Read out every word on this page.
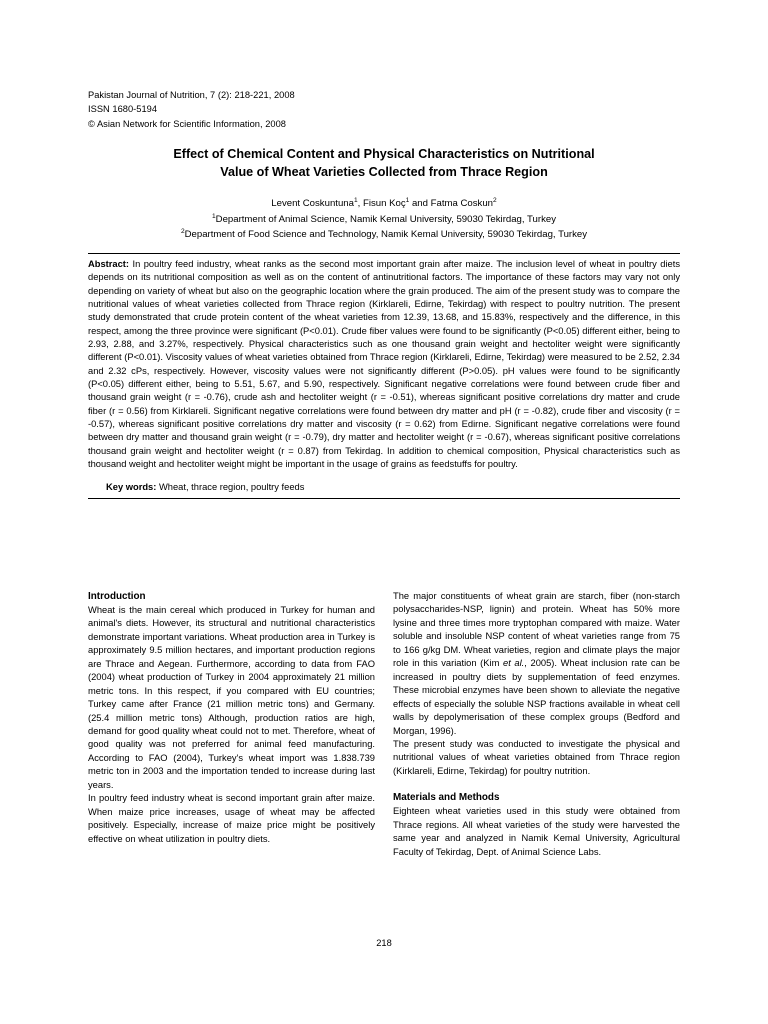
Pakistan Journal of Nutrition, 7 (2): 218-221, 2008
ISSN 1680-5194
© Asian Network for Scientific Information, 2008
Effect of Chemical Content and Physical Characteristics on Nutritional
Value of Wheat Varieties Collected from Thrace Region
Levent Coskuntuna$^1$, Fisun Koç$^1$ and Fatma Coskun$^2$
$^1$Department of Animal Science, Namik Kemal University, 59030 Tekirdag, Turkey
$^2$Department of Food Science and Technology, Namik Kemal University, 59030 Tekirdag, Turkey
Abstract: In poultry feed industry, wheat ranks as the second most important grain after maize. The inclusion level of wheat in poultry diets depends on its nutritional composition as well as on the content of antinutritional factors. The importance of these factors may vary not only depending on variety of wheat but also on the geographic location where the grain produced. The aim of the present study was to compare the nutritional values of wheat varieties collected from Thrace region (Kirklareli, Edirne, Tekirdag) with respect to poultry nutrition. The present study demonstrated that crude protein content of the wheat varieties from 12.39, 13.68, and 15.83%, respectively and the difference, in this respect, among the three province were significant (P<0.01). Crude fiber values were found to be significantly (P<0.05) different either, being to 2.93, 2.88, and 3.27%, respectively. Physical characteristics such as one thousand grain weight and hectoliter weight were significantly different (P<0.01). Viscosity values of wheat varieties obtained from Thrace region (Kirklareli, Edirne, Tekirdag) were measured to be 2.52, 2.34 and 2.32 cPs, respectively. However, viscosity values were not significantly different (P>0.05). pH values were found to be significantly (P<0.05) different either, being to 5.51, 5.67, and 5.90, respectively. Significant negative correlations were found between crude fiber and thousand grain weight (r = -0.76), crude ash and hectoliter weight (r = -0.51), whereas significant positive correlations dry matter and crude fiber (r = 0.56) from Kirklareli. Significant negative correlations were found between dry matter and pH (r = -0.82), crude fiber and viscosity (r = -0.57), whereas significant positive correlations dry matter and viscosity (r = 0.62) from Edirne. Significant negative correlations were found between dry matter and thousand grain weight (r = -0.79), dry matter and hectoliter weight (r = -0.67), whereas significant positive correlations thousand grain weight and hectoliter weight (r = 0.87) from Tekirdag. In addition to chemical composition, Physical characteristics such as thousand weight and hectoliter weight might be important in the usage of grains as feedstuffs for poultry.
Key words: Wheat, thrace region, poultry feeds
Introduction

Wheat is the main cereal which produced in Turkey for human and animal's diets. However, its structural and nutritional characteristics demonstrate important variations. Wheat production area in Turkey is approximately 9.5 million hectares, and important production regions are Thrace and Aegean. Furthermore, according to data from FAO (2004) wheat production of Turkey in 2004 approximately 21 million metric tons. In this respect, if you compared with EU countries; Turkey came after France (21 million metric tons) and Germany. (25.4 million metric tons) Although, production ratios are high, demand for good quality wheat could not to met. Therefore, wheat of good quality was not preferred for animal feed manufacturing. According to FAO (2004), Turkey's wheat import was 1.838.739 metric ton in 2003 and the importation tended to increase during last years.

In poultry feed industry wheat is second important grain after maize. When maize price increases, usage of wheat may be affected positively. Especially, increase of maize price might be positively effective on wheat utilization in poultry diets.

The major constituents of wheat grain are starch, fiber (non-starch polysaccharides-NSP, lignin) and protein. Wheat has 50% more lysine and three times more tryptophan compared with maize. Water soluble and insoluble NSP content of wheat varieties range from 75 to 166 g/kg DM. Wheat varieties, region and climate plays the major role in this variation (Kim et al., 2005). Wheat inclusion rate can be increased in poultry diets by supplementation of feed enzymes. These microbial enzymes have been shown to alleviate the negative effects of especially the soluble NSP fractions available in wheat cell walls by depolymerisation of these complex groups (Bedford and Morgan, 1996).

The present study was conducted to investigate the physical and nutritional values of wheat varieties obtained from Thrace region (Kirklareli, Edirne, Tekirdag) for poultry nutrition.

Materials and Methods

Eighteen wheat varieties used in this study were obtained from Thrace regions. All wheat varieties of the study were harvested the same year and analyzed in Namik Kemal University, Agricultural Faculty of Tekirdag, Dept. of Animal Science Labs.

218
